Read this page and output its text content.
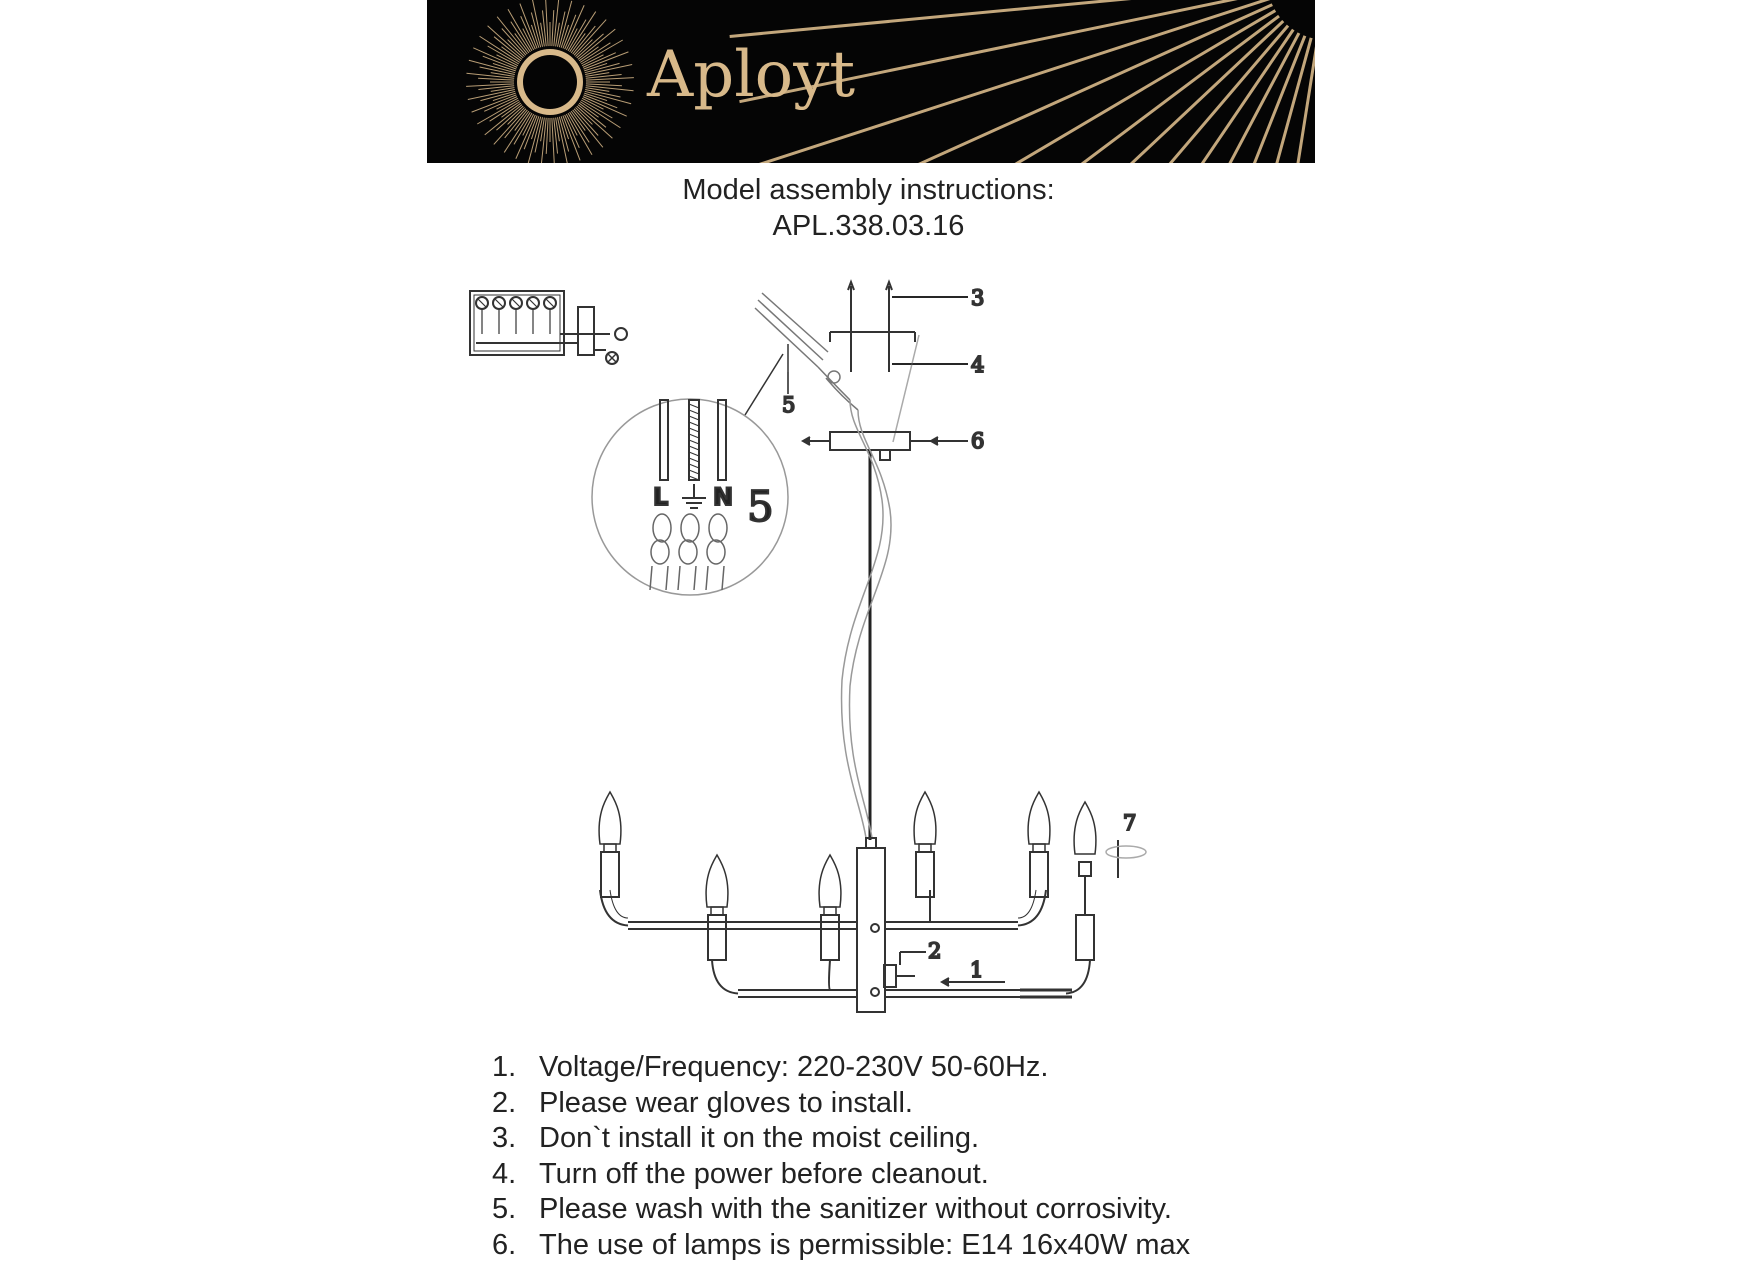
Aployt
Model assembly instructions:
APL.338.03.16
3
4
5
6
7
2
1
5
L N
1. Voltage/Frequency: 220-230V 50-60Hz.
2. Please wear gloves to install.
3. Don`t install it on the moist ceiling.
4. Turn off the power before cleanout.
5. Please wash with the sanitizer without corrosivity.
6. The use of lamps is permissible: E14 16x40W max
